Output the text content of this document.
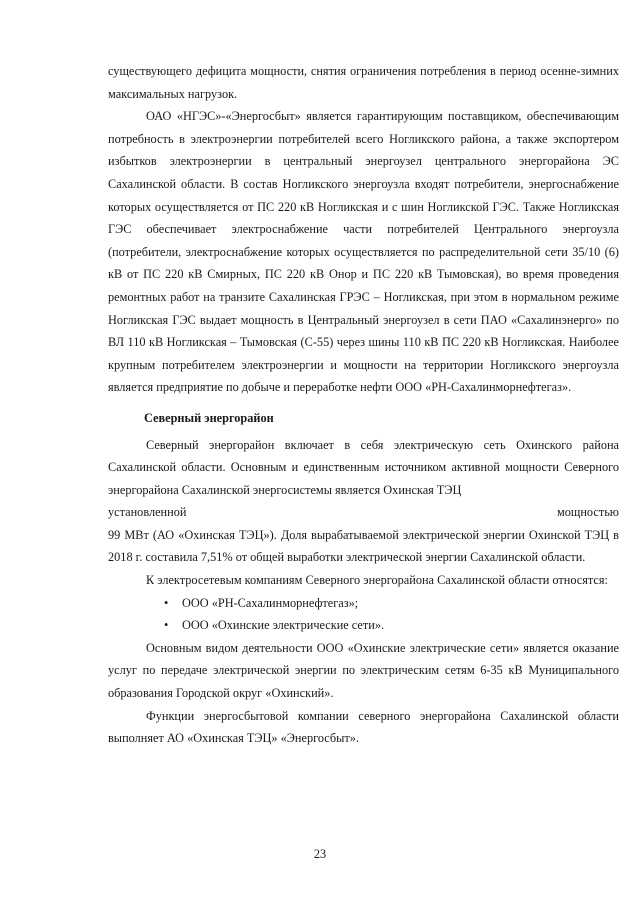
существующего дефицита мощности, снятия ограничения потребления в период осенне-зимних максимальных нагрузок.

ОАО «НГЭС»-«Энергосбыт» является гарантирующим поставщиком, обеспечивающим потребность в электроэнергии потребителей всего Ногликского района, а также экспортером избытков электроэнергии в центральный энергоузел центрального энергорайона ЭС Сахалинской области. В состав Ногликского энергоузла входят потребители, энергоснабжение которых осуществляется от ПС 220 кВ Ногликская и с шин Ногликской ГЭС. Также Ногликская ГЭС обеспечивает электроснабжение части потребителей Центрального энергоузла (потребители, электроснабжение которых осуществляется по распределительной сети 35/10 (6) кВ от ПС 220 кВ Смирных, ПС 220 кВ Онор и ПС 220 кВ Тымовская), во время проведения ремонтных работ на транзите Сахалинская ГРЭС – Ногликская, при этом в нормальном режиме Ногликская ГЭС выдает мощность в Центральный энергоузел в сети ПАО «Сахалинэнерго» по ВЛ 110 кВ Ногликская – Тымовская (С-55) через шины 110 кВ ПС 220 кВ Ногликская. Наиболее крупным потребителем электроэнергии и мощности на территории Ногликского энергоузла является предприятие по добыче и переработке нефти ООО «РН-Сахалинморнефтегаз».

Северный энергорайон

Северный энергорайон включает в себя электрическую сеть Охинского района Сахалинской области. Основным и единственным источником активной мощности Северного энергорайона Сахалинской энергосистемы является Охинская ТЭЦ

установленной	мощностью

99 МВт (АО «Охинская ТЭЦ»). Доля вырабатываемой электрической энергии Охинской ТЭЦ в 2018 г. составила 7,51% от общей выработки электрической энергии Сахалинской области.

К электросетевым компаниям Северного энергорайона Сахалинской области относятся:

• ООО «РН-Сахалинморнефтегаз»;
• ООО «Охинские электрические сети».

Основным видом деятельности ООО «Охинские электрические сети» является оказание услуг по передаче электрической энергии по электрическим сетям 6-35 кВ Муниципального образования Городской округ «Охинский».

Функции энергосбытовой компании северного энергорайона Сахалинской области выполняет АО «Охинская ТЭЦ» «Энергосбыт».

23
